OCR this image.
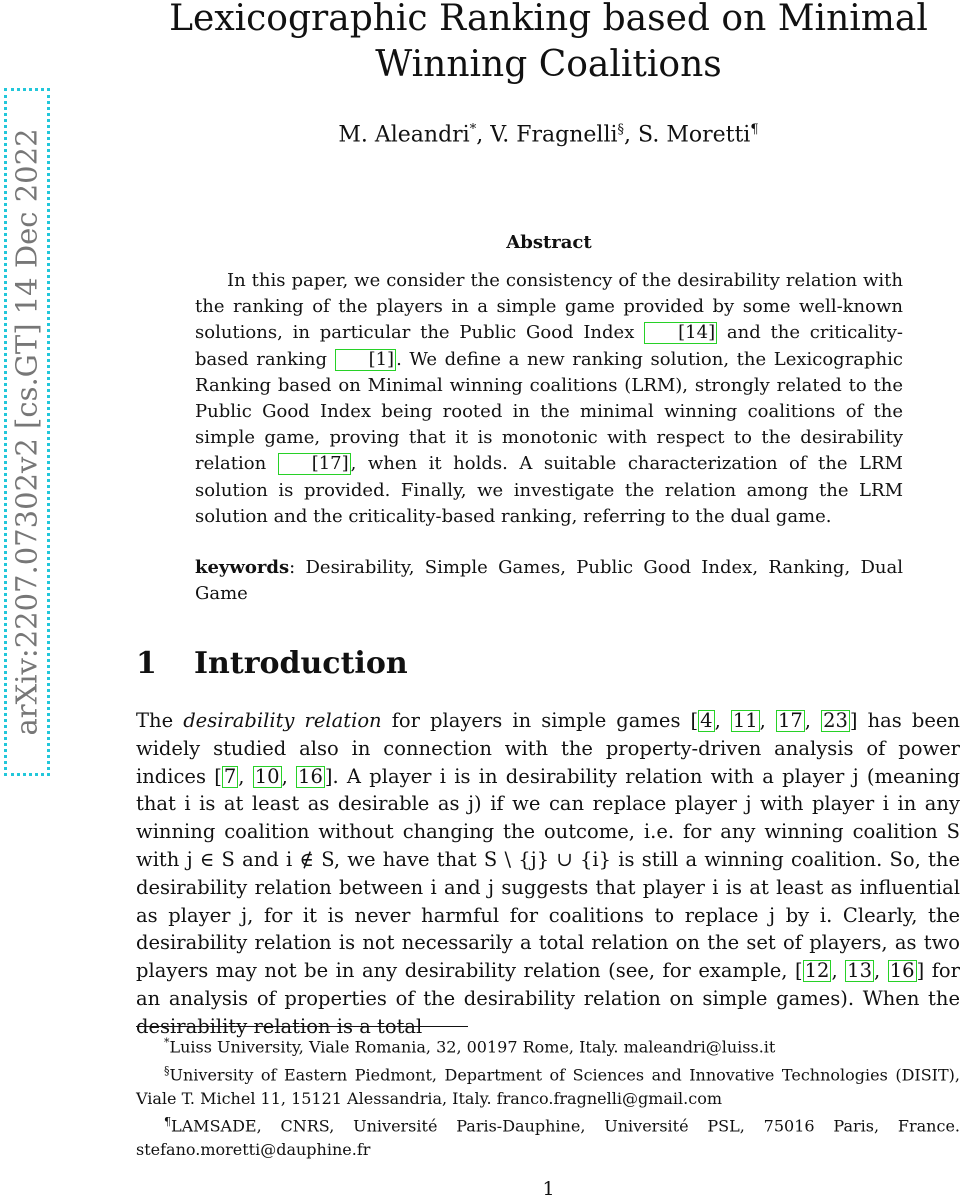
arXiv:2207.07302v2 [cs.GT] 14 Dec 2022
Lexicographic Ranking based on Minimal Winning Coalitions
M. Aleandri*, V. Fragnelli§, S. Moretti¶
Abstract
In this paper, we consider the consistency of the desirability relation with the ranking of the players in a simple game provided by some well-known solutions, in particular the Public Good Index [14] and the criticality-based ranking [1] . We define a new ranking solution, the Lexicographic Ranking based on Minimal winning coalitions (LRM), strongly related to the Public Good Index being rooted in the minimal winning coalitions of the simple game, proving that it is monotonic with respect to the desirability relation [17] , when it holds. A suitable characterization of the LRM solution is provided. Finally, we investigate the relation among the LRM solution and the criticality-based ranking, referring to the dual game.
keywords: Desirability, Simple Games, Public Good Index, Ranking, Dual Game
1 Introduction
The desirability relation for players in simple games [ 4 , 11 , 17 , 23 ] has been widely studied also in connection with the property-driven analysis of power indices [ 7 , 10 , 16 ]. A player i is in desirability relation with a player j (meaning that i is at least as desirable as j) if we can replace player j with player i in any winning coalition without changing the outcome, i.e. for any winning coalition S with j ∈ S and i ∉ S, we have that S \ {j} ∪ {i} is still a winning coalition. So, the desirability relation between i and j suggests that player i is at least as influential as player j, for it is never harmful for coalitions to replace j by i. Clearly, the desirability relation is not necessarily a total relation on the set of players, as two players may not be in any desirability relation (see, for example, [ 12 , 13 , 16 ] for an analysis of properties of the desirability relation on simple games). When the desirability relation is a total

*Luiss University, Viale Romania, 32, 00197 Rome, Italy. maleandri@luiss.it

§University of Eastern Piedmont, Department of Sciences and Innovative Technologies (DISIT), Viale T. Michel 11, 15121 Alessandria, Italy. franco.fragnelli@gmail.com

¶LAMSADE, CNRS, Université Paris-Dauphine, Université PSL, 75016 Paris, France. stefano.moretti@dauphine.fr

1
